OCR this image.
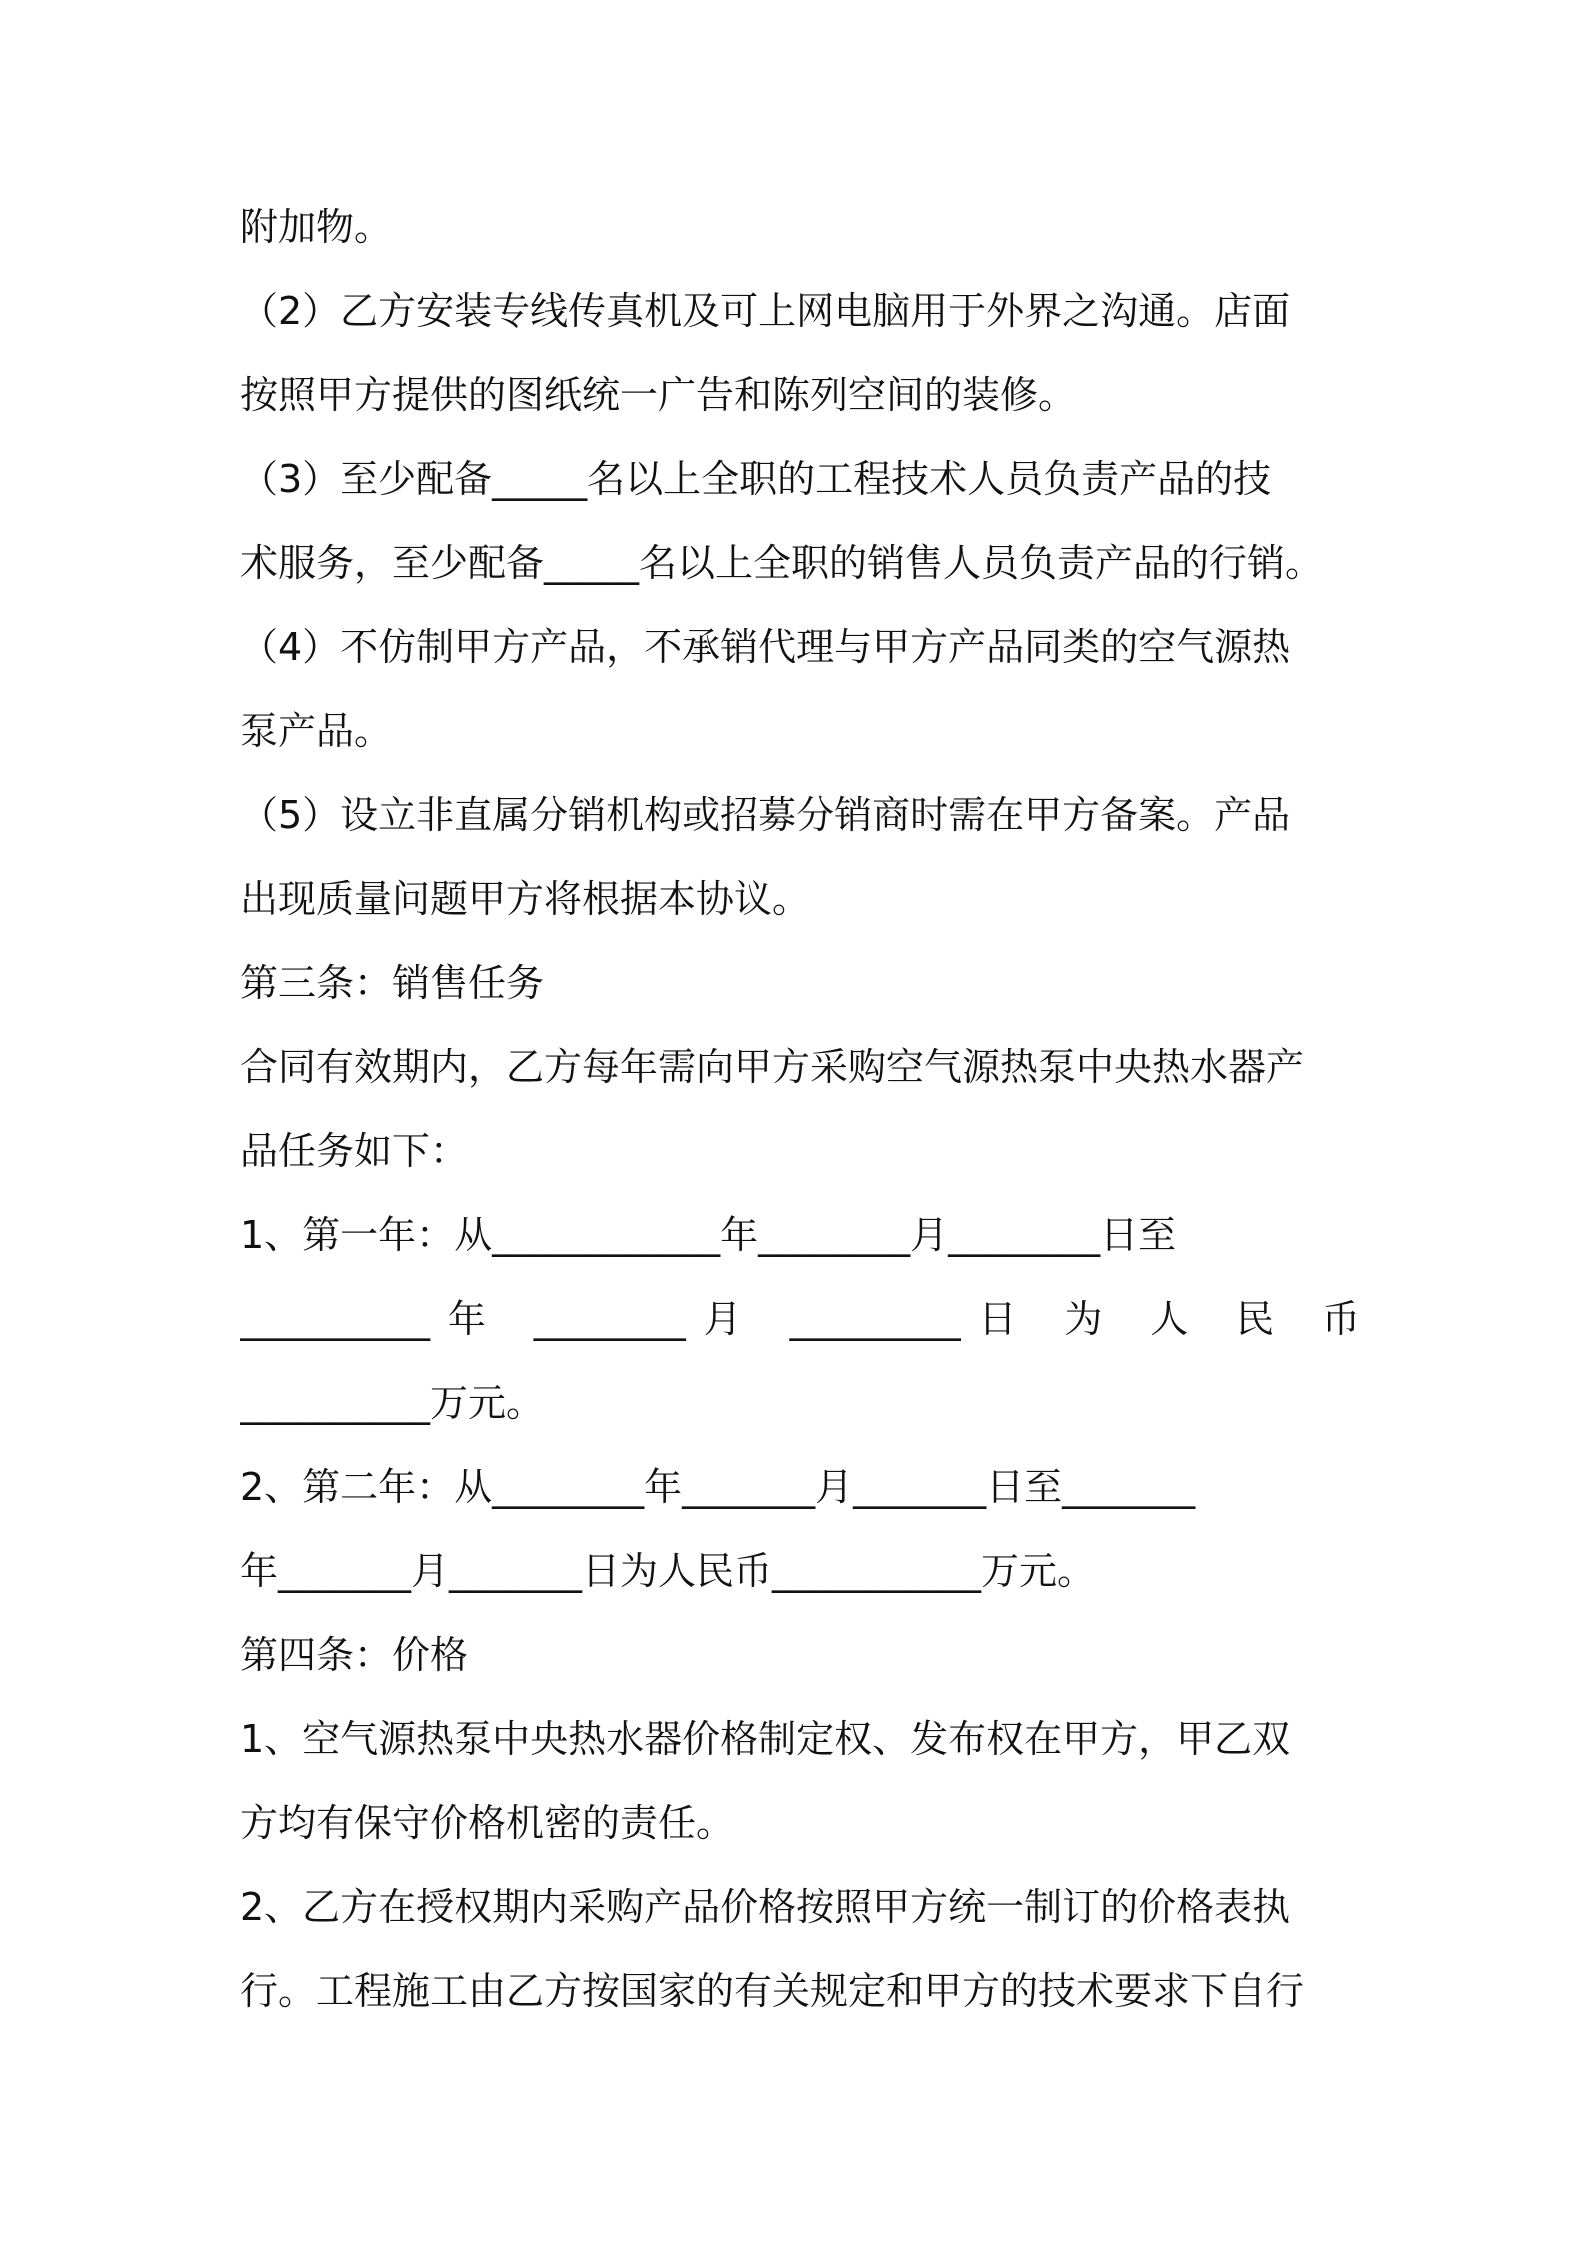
附加物。
（2）乙方安装专线传真机及可上网电脑用于外界之沟通。店面
按照甲方提供的图纸统一广告和陈列空间的装修。
（3）至少配备_____名以上全职的工程技术人员负责产品的技
术服务，至少配备_____名以上全职的销售人员负责产品的行销。
（4）不仿制甲方产品，不承销代理与甲方产品同类的空气源热
泵产品。
（5）设立非直属分销机构或招募分销商时需在甲方备案。产品
出现质量问题甲方将根据本协议。
第三条：销售任务
合同有效期内，乙方每年需向甲方采购空气源热泵中央热水器产
品任务如下：
1、第一年：从____________年________月________日至
__________年 ________月 _________日 为 人 民 币
__________万元。
2、第二年：从________年_______月_______日至_______
年_______月_______日为人民币___________万元。
第四条：价格
1、空气源热泵中央热水器价格制定权、发布权在甲方，甲乙双
方均有保守价格机密的责任。
2、乙方在授权期内采购产品价格按照甲方统一制订的价格表执
行。工程施工由乙方按国家的有关规定和甲方的技术要求下自行
